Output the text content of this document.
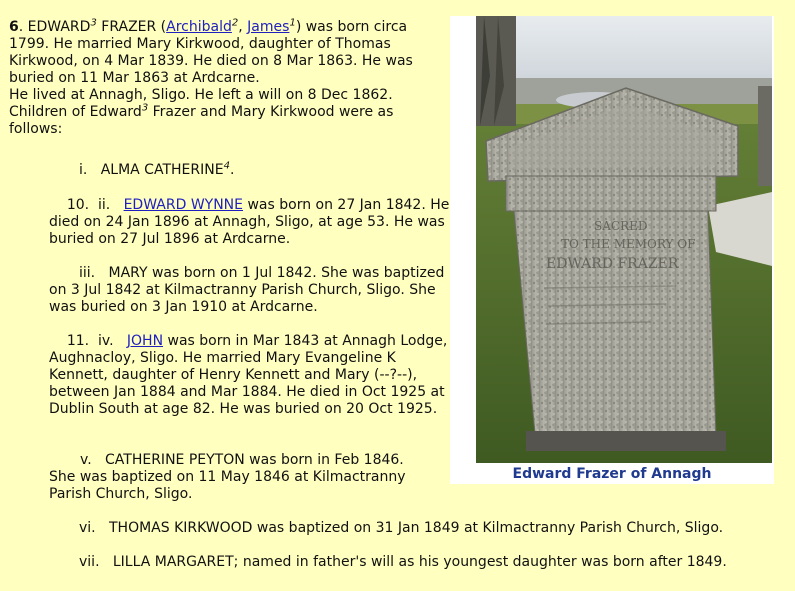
6. EDWARD$^3$ FRAZER (Archibald$^2$, James$^1$) was born circa 1799. He married Mary Kirkwood, daughter of Thomas Kirkwood, on 4 Mar 1839. He died on 8 Mar 1863. He was buried on 11 Mar 1863 at Ardcarne.
He lived at Annagh, Sligo. He left a will on 8 Dec 1862.
Children of Edward$^3$ Frazer and Mary Kirkwood were as follows:

i. ALMA CATHERINE$^4$.

10. ii. EDWARD WYNNE was born on 27 Jan 1842. He died on 24 Jan 1896 at Annagh, Sligo, at age 53. He was buried on 27 Jul 1896 at Ardcarne.

iii. MARY was born on 1 Jul 1842. She was baptized on 3 Jul 1842 at Kilmactranny Parish Church, Sligo. She was buried on 3 Jan 1910 at Ardcarne.

11. iv. JOHN was born in Mar 1843 at Annagh Lodge, Aughnacloy, Sligo. He married Mary Evangeline K Kennett, daughter of Henry Kennett and Mary (--?--), between Jan 1884 and Mar 1884. He died in Oct 1925 at Dublin South at age 82. He was buried on 20 Oct 1925.

v. CATHERINE PEYTON was born in Feb 1846. She was baptized on 11 May 1846 at Kilmactranny Parish Church, Sligo.

vi. THOMAS KIRKWOOD was baptized on 31 Jan 1849 at Kilmactranny Parish Church, Sligo.

vii. LILLA MARGARET; named in father's will as his youngest daughter was born after 1849.

SACRED
TO THE MEMORY OF
EDWARD FRAZER
Edward Frazer of Annagh
